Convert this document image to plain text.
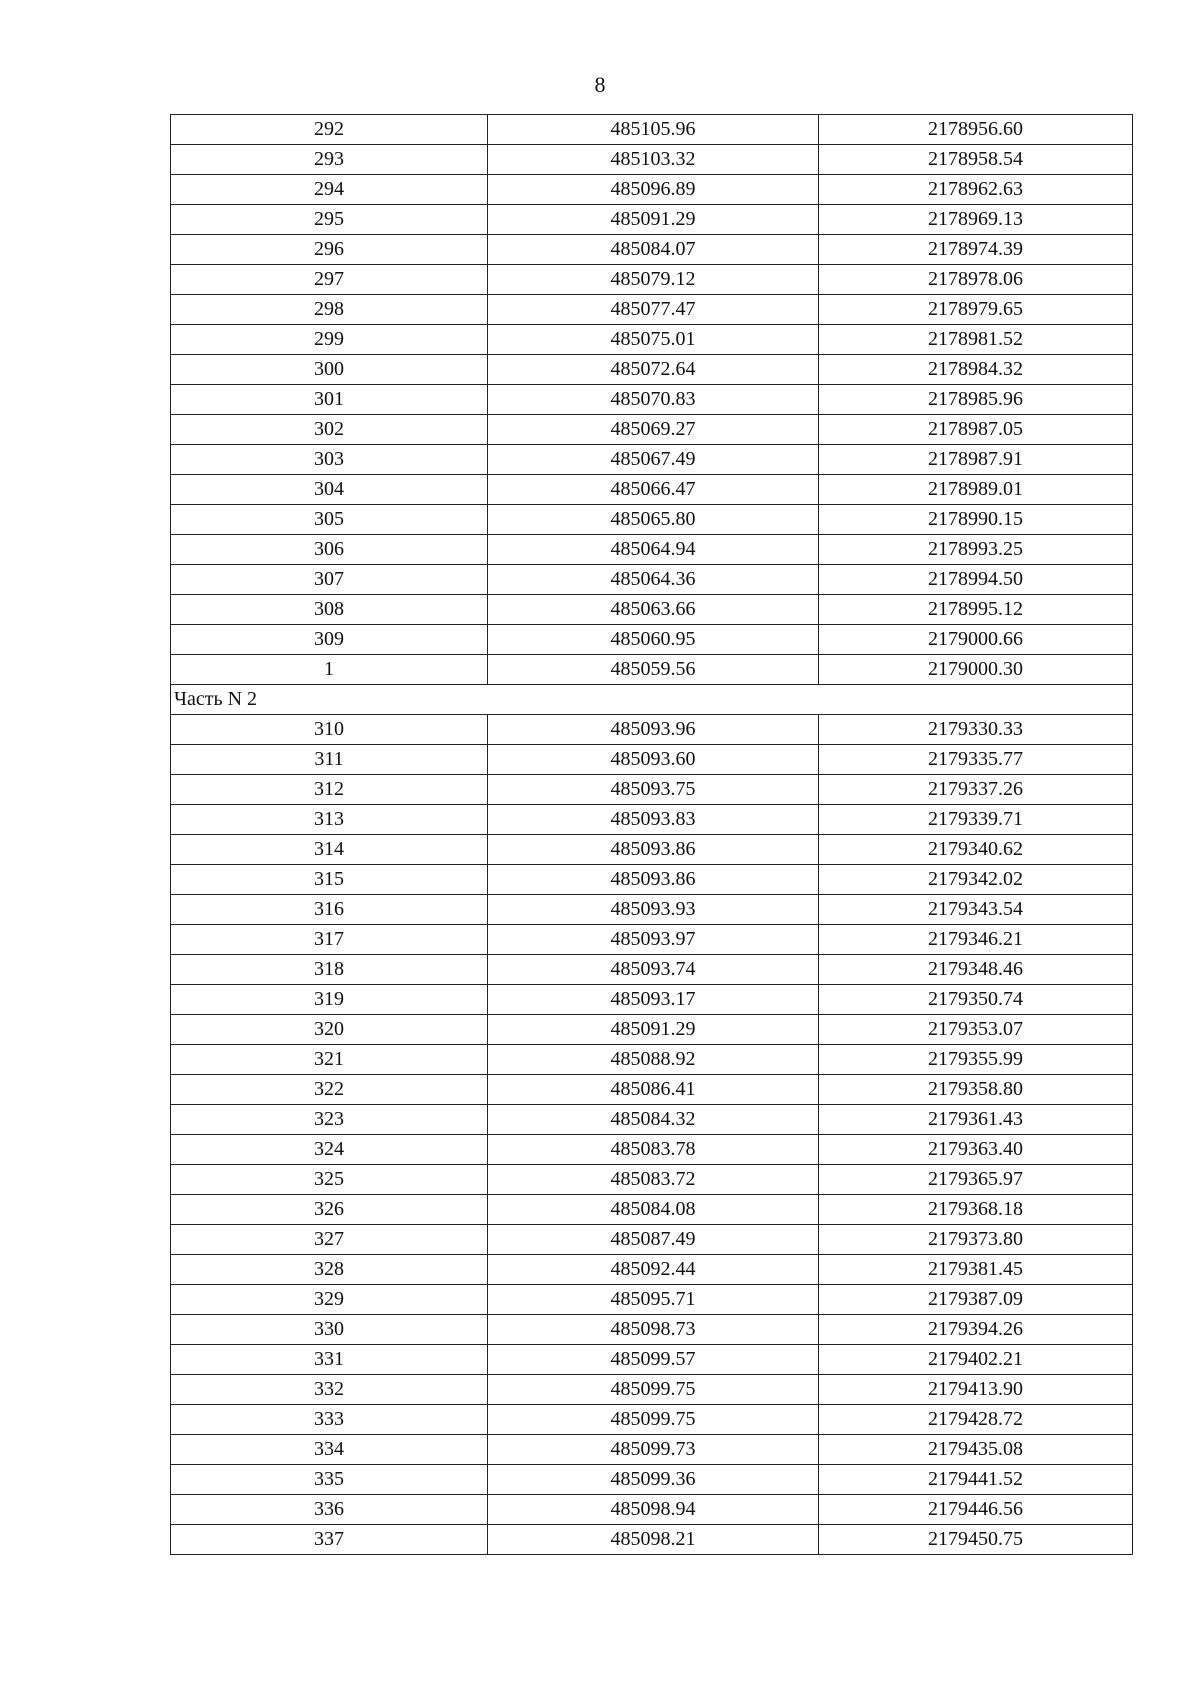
8
292	485105.96	2178956.60
293	485103.32	2178958.54
294	485096.89	2178962.63
295	485091.29	2178969.13
296	485084.07	2178974.39
297	485079.12	2178978.06
298	485077.47	2178979.65
299	485075.01	2178981.52
300	485072.64	2178984.32
301	485070.83	2178985.96
302	485069.27	2178987.05
303	485067.49	2178987.91
304	485066.47	2178989.01
305	485065.80	2178990.15
306	485064.94	2178993.25
307	485064.36	2178994.50
308	485063.66	2178995.12
309	485060.95	2179000.66
1	485059.56	2179000.30
Часть N 2		
310	485093.96	2179330.33
311	485093.60	2179335.77
312	485093.75	2179337.26
313	485093.83	2179339.71
314	485093.86	2179340.62
315	485093.86	2179342.02
316	485093.93	2179343.54
317	485093.97	2179346.21
318	485093.74	2179348.46
319	485093.17	2179350.74
320	485091.29	2179353.07
321	485088.92	2179355.99
322	485086.41	2179358.80
323	485084.32	2179361.43
324	485083.78	2179363.40
325	485083.72	2179365.97
326	485084.08	2179368.18
327	485087.49	2179373.80
328	485092.44	2179381.45
329	485095.71	2179387.09
330	485098.73	2179394.26
331	485099.57	2179402.21
332	485099.75	2179413.90
333	485099.75	2179428.72
334	485099.73	2179435.08
335	485099.36	2179441.52
336	485098.94	2179446.56
337	485098.21	2179450.75
